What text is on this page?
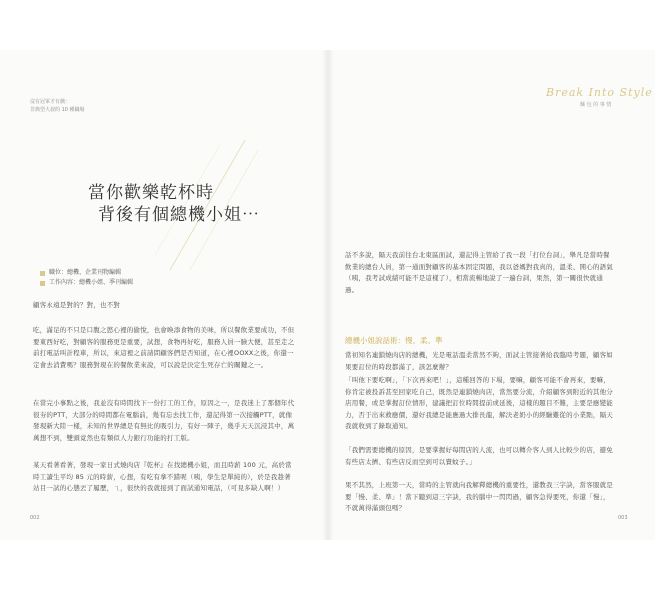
沒有冠軍才有戲：
非典型大叔的 10 種職場
當你歡樂乾杯時
背後有個總機小姐⋯
職位：總機、企業刊物編輯
工作內容：總機小姐、季刊編輯
顧客永遠是對的？對，也不對
吃，滿足的不只是口腹之慾心裡的偷悅，也會喚添食物的美味，所以餐飲業要成功，不但要東西好吃，對顧客的服務更是重要，試想，食物再好吃，服務人員一臉大便，甚至走之前打電話叫計程車，所以，來這裡之前請問顧客們是否知道，在心裡OOXX之後，你還一定會去消費嗎？服務對現在的餐飲業來說，可以說是決定生死存亡的關鍵之一。
在當完小事點之後，我並沒有時間找下一份打工的工作，原因之一，是我迷上了那個年代很夯的PTT，大部分的時間都在電腦前，幾有忘去找工作，還記得第一次接觸PTT，就像發現新大陸一樣，未知的世界總是有無比的吸引力，有好一陣子，幾乎天天沉浸其中，萬萬想不到，雙頭竟然也有類似人力銀行功能的打工版。
某天看著看著，發現一家日式燒肉店『乾杯』在找總機小姐，而且時薪 100 元，高於當時工讀生平均 85 元的時薪，心想，有吃有拿不錯呢（咦，學生是單純的），於是我趁著站目一試的心態丟了履歷，ㄟ，很快的我就接到了面試通知電話，（可見多缺人啊！）
002
Break Into Style
麵 包 的 事 情
話不多說，隔天我前往台北東區面試，還記得主管給了我一段「打位台詞」，舉凡是當時餐飲業的總台人員，第一通面對顧客的基本固定問題，我以爸媽對我真的，溫柔、開心的語氣（咦，我考試成績可能不是這樣了），相當流暢地說了一遍台詞，果然，第一關很快就通過。
總機小姐說話術：慢、柔、準
當初知名連鎖燒肉店的總機，光是電話溫柔當然不夠，面試主管接著給我臨時考題，顧客如果要訂位的時段都滿了，該怎麼辦？
「叫他下要吃啊」，「下次再來吧！」，這種回答的下場，要嘛，顧客可能不會再來，要嘛，你肯定被投訴甚至回家吃自己，既然是連鎖燒肉店，當然要分流，介紹顧客到附近的其他分店用餐，或是掌握訂位情形，建議把訂位時間提前或延後，這樣的題目不難，主要是應變能力，否于出來救應價，還好我總是能應過大排長龍，解決老奶小的經驗難從的小業點，隔天我就收到了錄取通知。
「我們需要總機的原因，是要掌握好每間店的人流，也可以轉介客人到人比較少的店，避免有些店太擠、有些店反而空到可以賣蚊子。」
果不其然，上班第一天，當時的主管就向我解釋總機的重要性，還教我三字訣，當客服就是要「慢、柔、準」！當下聽到這三字訣，我的腦中一閃閃過，顧客急得要死，你還「慢」，不就萬得滿頭包嗎？
003
